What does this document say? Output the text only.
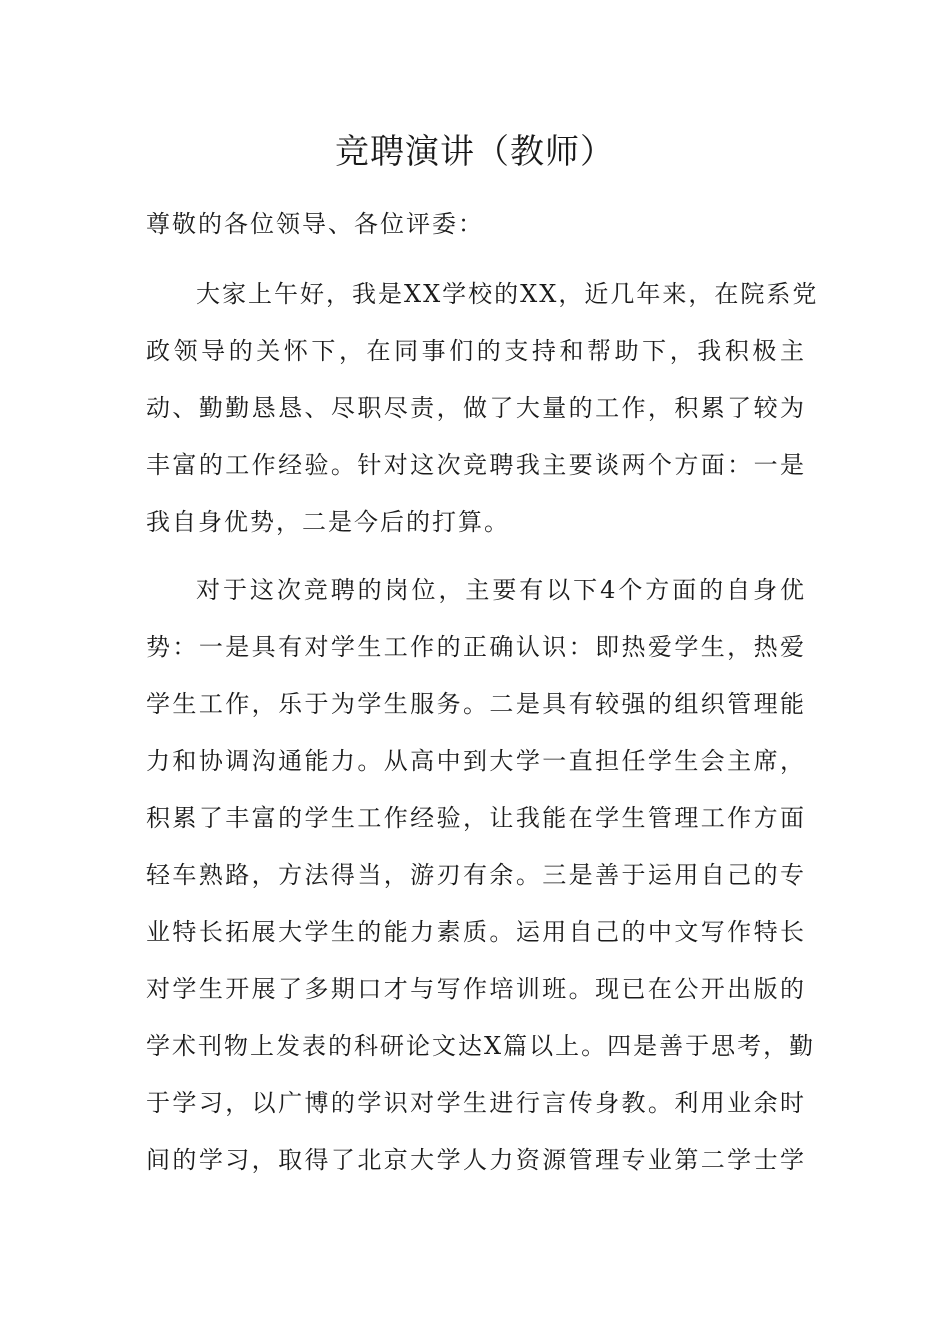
竞聘演讲（教师）
尊敬的各位领导、各位评委：
大家上午好，我是XX学校的XX，近几年来，在院系党
政领导的关怀下，在同事们的支持和帮助下，我积极主
动、勤勤恳恳、尽职尽责，做了大量的工作，积累了较为
丰富的工作经验。针对这次竞聘我主要谈两个方面：一是
我自身优势，二是今后的打算。
对于这次竞聘的岗位，主要有以下4个方面的自身优
势：一是具有对学生工作的正确认识：即热爱学生，热爱
学生工作，乐于为学生服务。二是具有较强的组织管理能
力和协调沟通能力。从高中到大学一直担任学生会主席，
积累了丰富的学生工作经验，让我能在学生管理工作方面
轻车熟路，方法得当，游刃有余。三是善于运用自己的专
业特长拓展大学生的能力素质。运用自己的中文写作特长
对学生开展了多期口才与写作培训班。现已在公开出版的
学术刊物上发表的科研论文达X篇以上。四是善于思考，勤
于学习，以广博的学识对学生进行言传身教。利用业余时
间的学习，取得了北京大学人力资源管理专业第二学士学
